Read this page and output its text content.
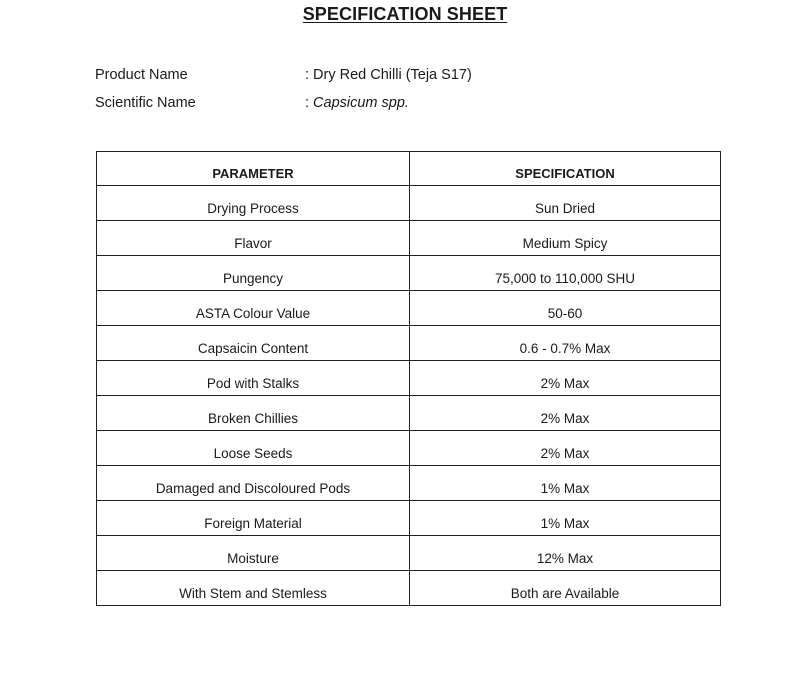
SPECIFICATION SHEET
Product Name	: Dry Red Chilli (Teja S17)
Scientific Name	: Capsicum spp.
PARAMETER	SPECIFICATION
Drying Process	Sun Dried
Flavor	Medium Spicy
Pungency	75,000 to 110,000 SHU
ASTA Colour Value	50-60
Capsaicin Content	0.6 - 0.7% Max
Pod with Stalks	2% Max
Broken Chillies	2% Max
Loose Seeds	2% Max
Damaged and Discoloured Pods	1% Max
Foreign Material	1% Max
Moisture	12% Max
With Stem and Stemless	Both are Available
